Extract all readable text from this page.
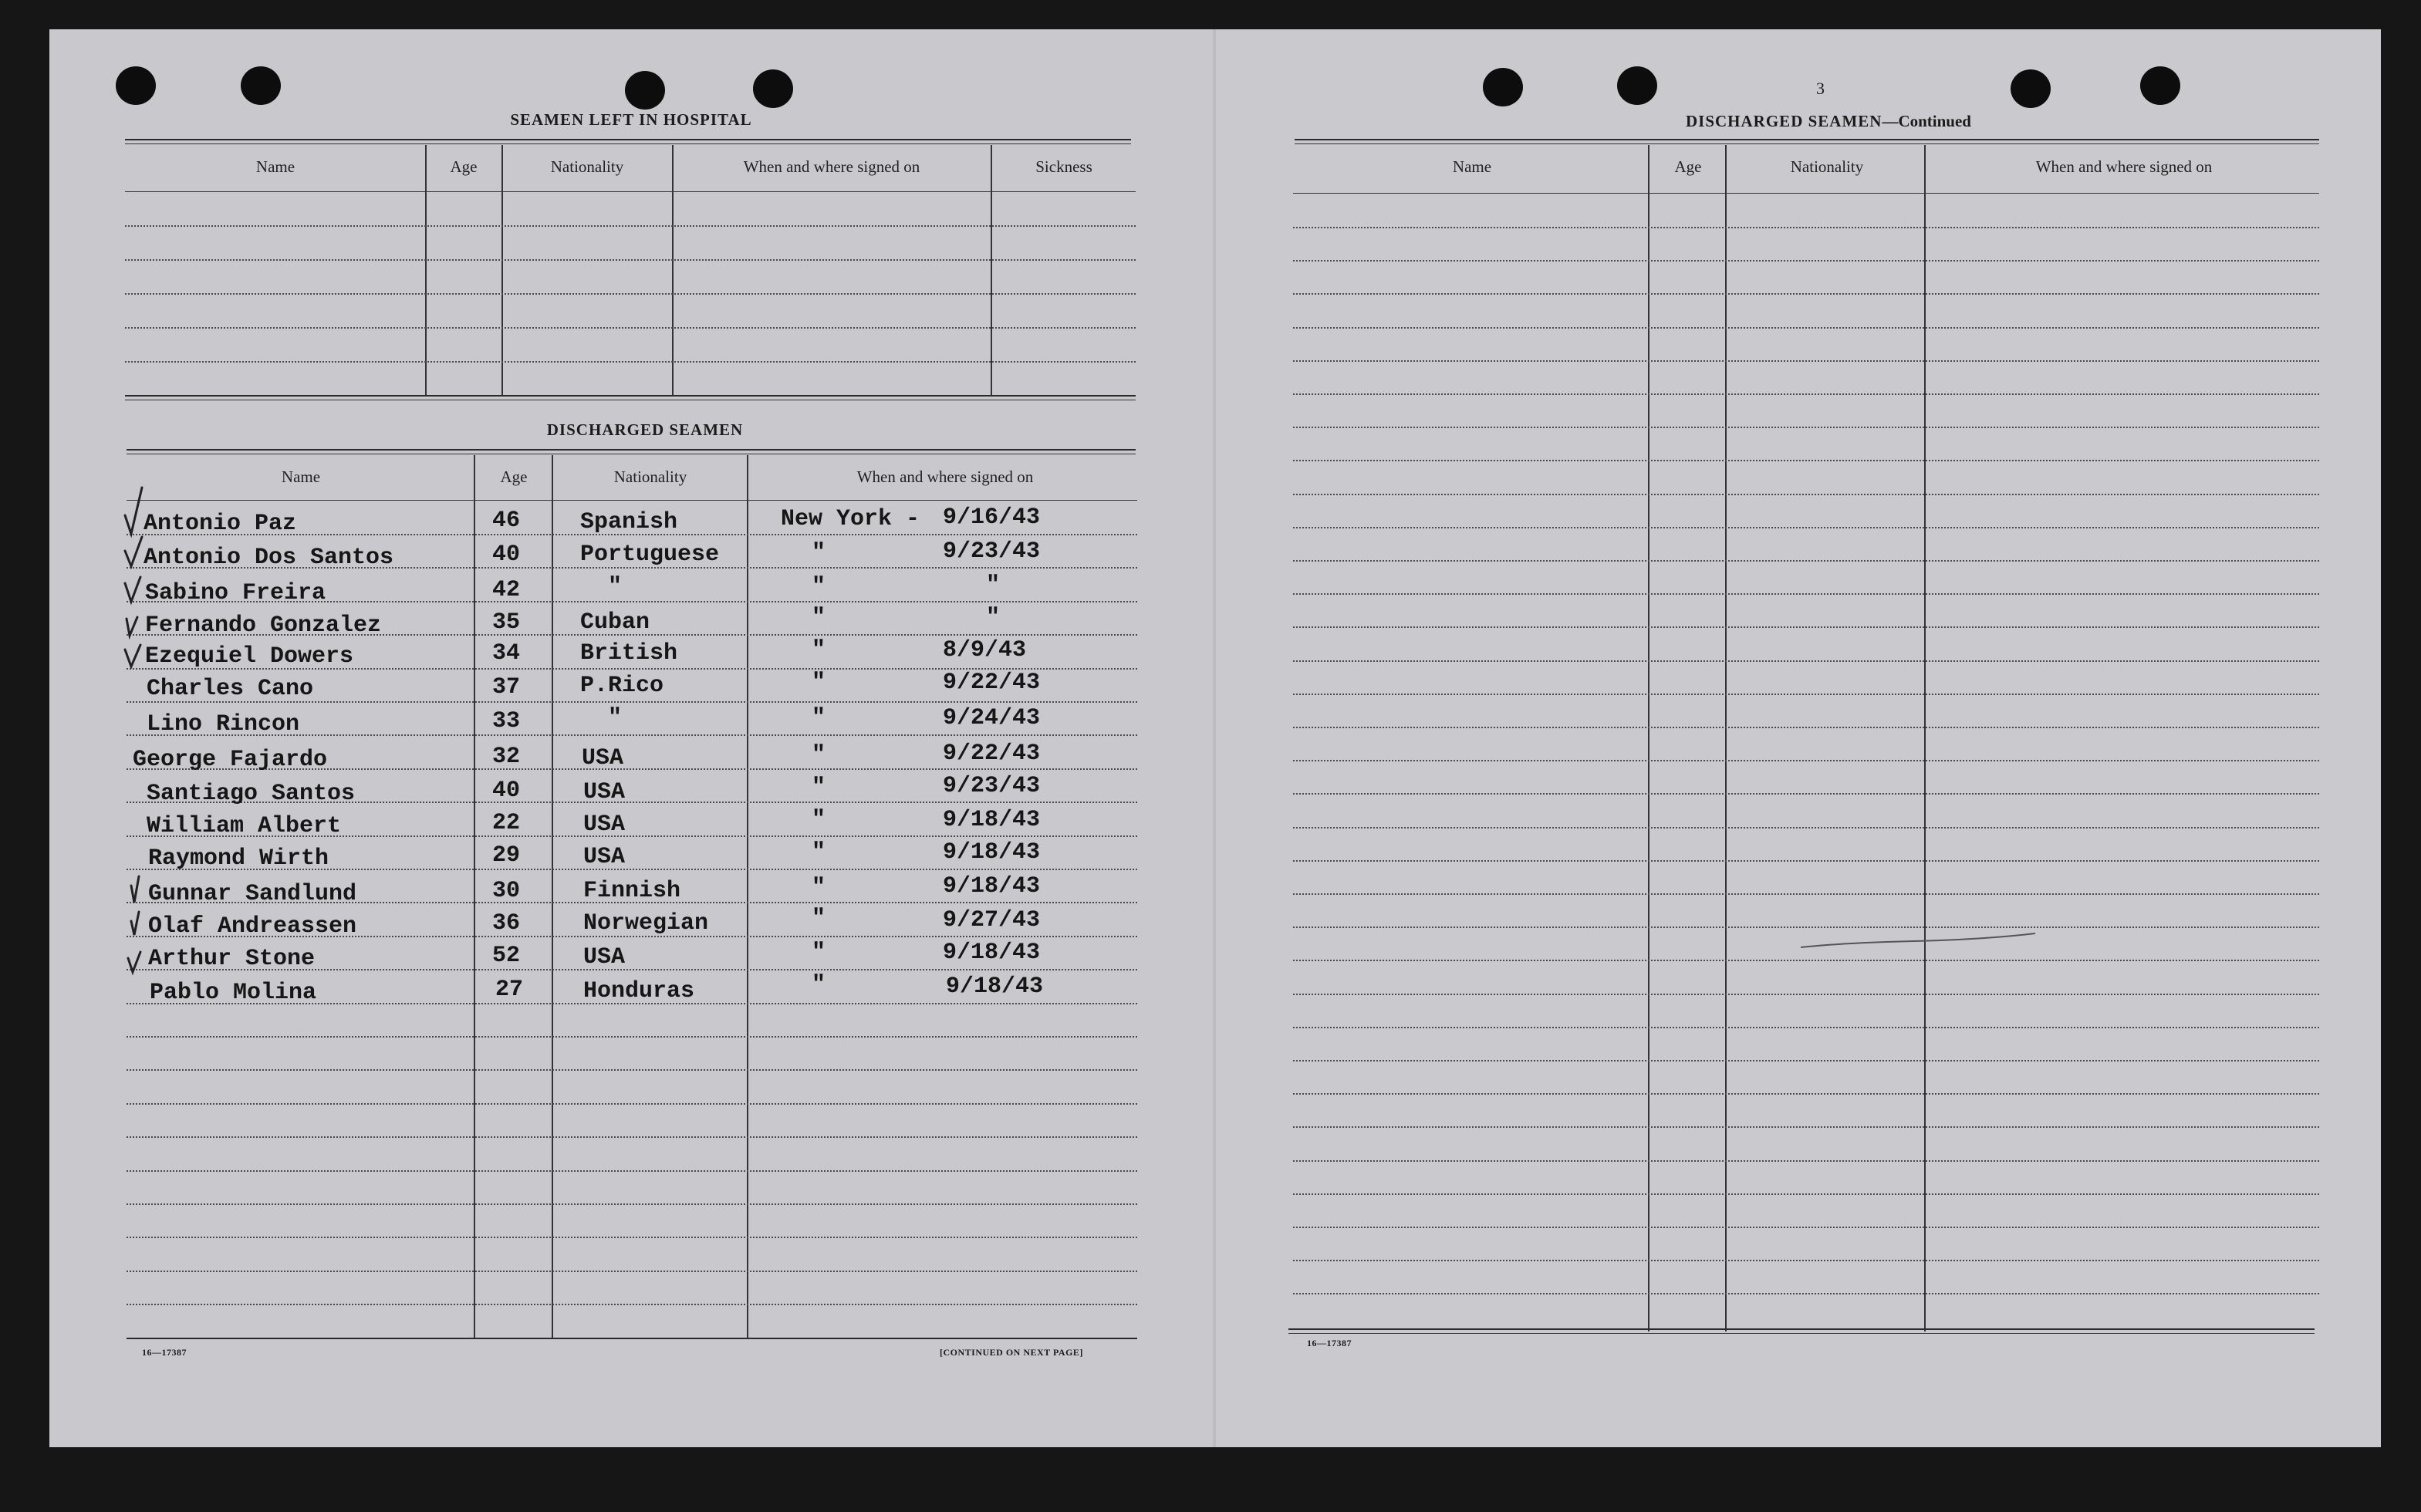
SEAMEN LEFT IN HOSPITAL
Name	Age	Nationality	When and where signed on	Sickness
DISCHARGED SEAMEN
Name	Age	Nationality	When and where signed on
Antonio Paz	46	Spanish	New York - 9/16/43
Antonio Dos Santos	40	Portuguese	"	9/23/43
Sabino Freira	42	"	"	"
Fernando Gonzalez	35	Cuban	"	"
Ezequiel Dowers	34	British	"	8/9/43
Charles Cano	37	P.Rico	"	9/22/43
Lino Rincon	33	"	"	9/24/43
George Fajardo	32	USA	"	9/22/43
Santiago Santos	40	USA	"	9/23/43
William Albert	22	USA	"	9/18/43
Raymond Wirth	29	USA	"	9/18/43
Gunnar Sandlund	30	Finnish	"	9/18/43
Olaf Andreassen	36	Norwegian	"	9/27/43
Arthur Stone	52	USA	"	9/18/43
Pablo Molina	27	Honduras	"	9/18/43
16—17387	[CONTINUED ON NEXT PAGE]
3
DISCHARGED SEAMEN—Continued
Name	Age	Nationality	When and where signed on
16—17387
